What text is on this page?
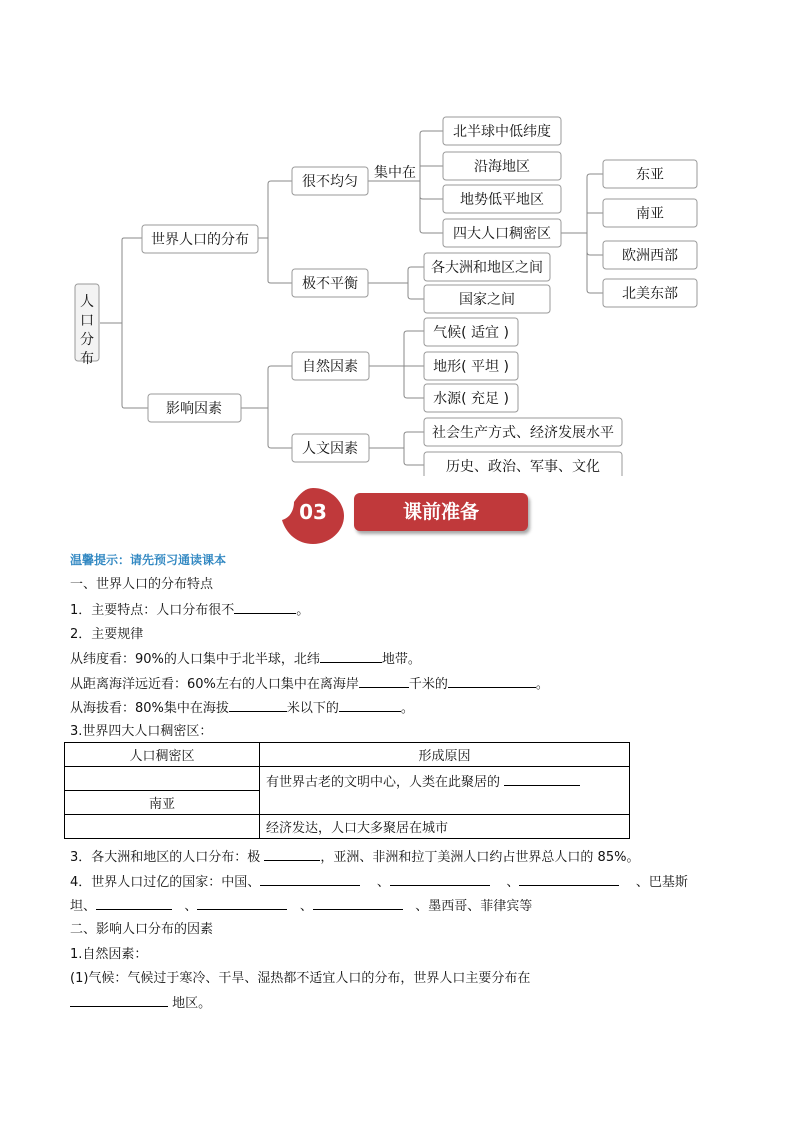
人口分布
世界人口的分布
影响因素
很不均匀
集中在
极不平衡
北半球中低纬度
沿海地区
地势低平地区
四大人口稠密区
东亚
南亚
欧洲西部
北美东部
各大洲和地区之间
国家之间
自然因素
人文因素
气候( 适宜 )
地形( 平坦 )
水源( 充足 )
社会生产方式、经济发展水平
历史、政治、军事、文化
03	课前准备
温馨提示：请先预习通读课本
一、世界人口的分布特点
1．主要特点：人口分布很不	。
2．主要规律
从纬度看：90%的人口集中于北半球，北纬	地带。
从距离海洋远近看：60%左右的人口集中在离海岸	千米的	。
从海拔看：80%集中在海拔	米以下的	。
3.世界四大人口稠密区：
人口稠密区	形成原因
	有世界古老的文明中心，人类在此聚居的
南亚	
	经济发达，人口大多聚居在城市
3．各大洲和地区的人口分布：极	，亚洲、非洲和拉丁美洲人口约占世界总人口的 85%。
4．世界人口过亿的国家：中国、	、	、	、巴基斯
坦、	、	、	、墨西哥、菲律宾等
二、影响人口分布的因素
1.自然因素：
(1)气候：气候过于寒冷、干旱、湿热都不适宜人口的分布，世界人口主要分布在
地区。
